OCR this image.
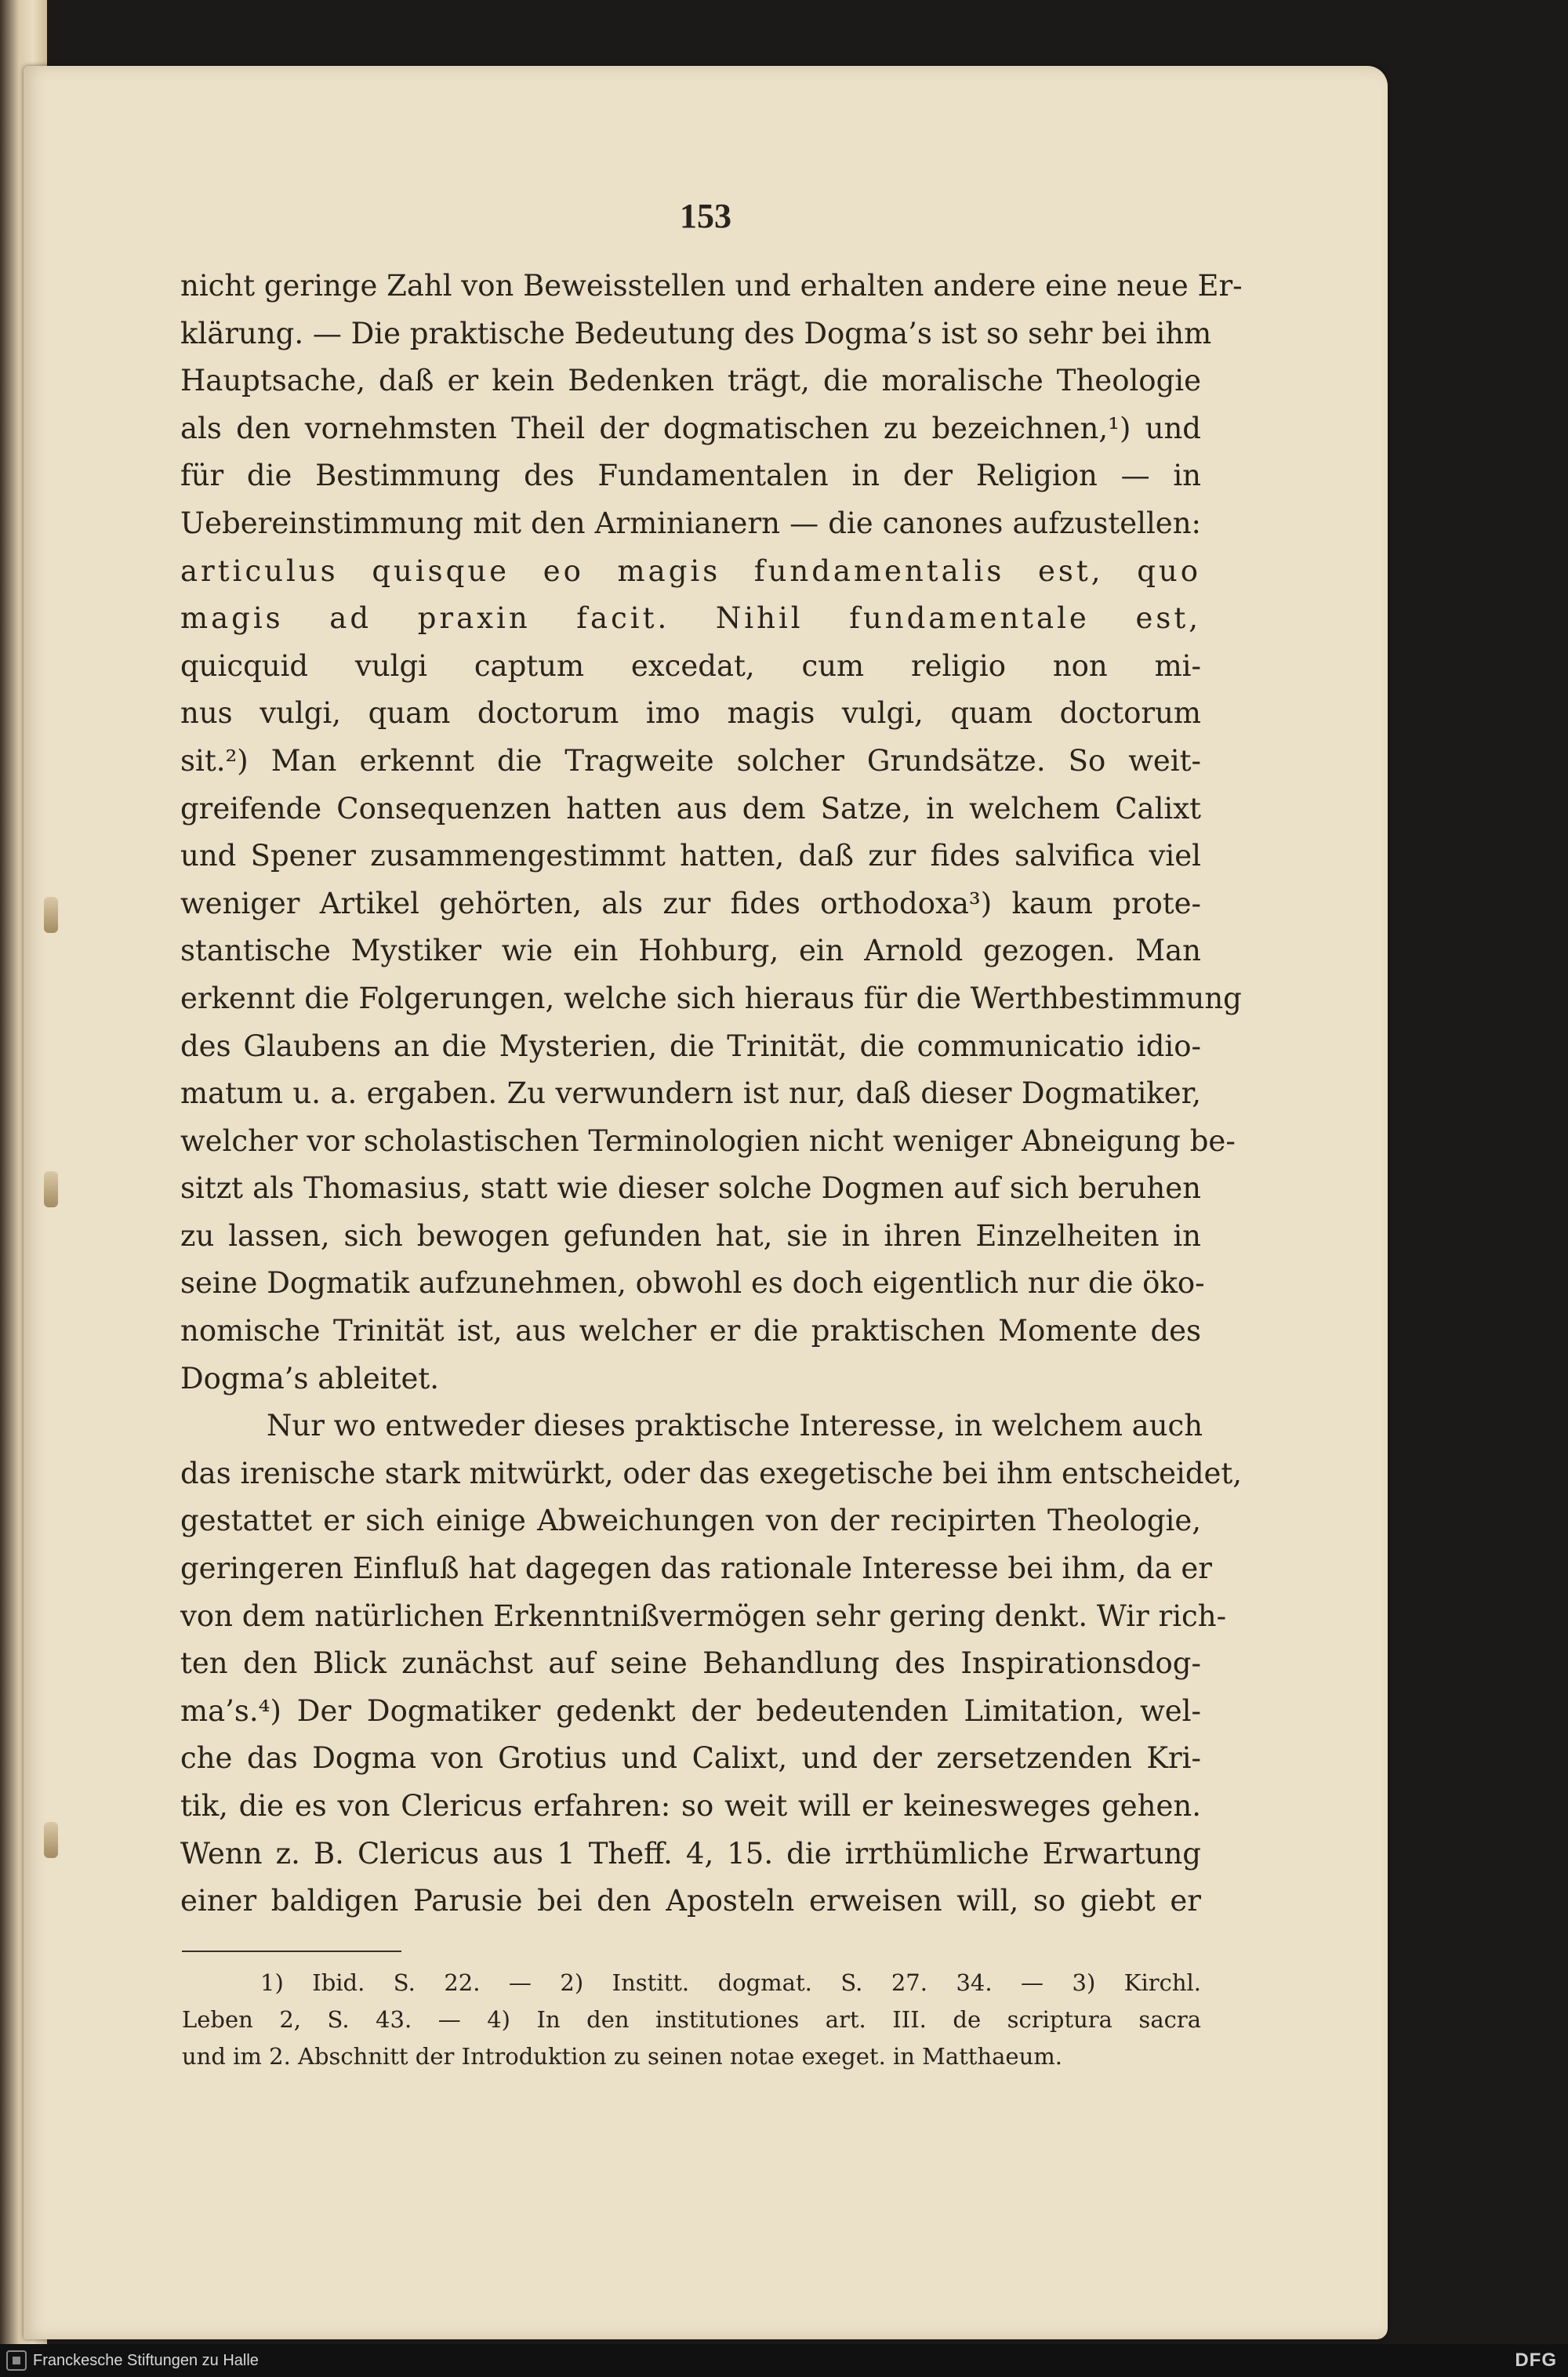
153
nicht geringe Zahl von Beweisstellen und erhalten andere eine neue Er-
klärung. — Die praktische Bedeutung des Dogma’s ist so sehr bei ihm
Hauptsache, daß er kein Bedenken trägt, die moralische Theologie
als den vornehmsten Theil der dogmatischen zu bezeichnen,¹) und
für die Bestimmung des Fundamentalen in der Religion — in
Uebereinstimmung mit den Arminianern — die canones aufzustellen:
articulus quisque eo magis fundamentalis est, quo
magis ad praxin facit. Nihil fundamentale est,
quicquid vulgi captum excedat, cum religio non mi-
nus vulgi, quam doctorum imo magis vulgi, quam doctorum
sit.²) Man erkennt die Tragweite solcher Grundsätze. So weit-
greifende Consequenzen hatten aus dem Satze, in welchem Calixt
und Spener zusammengestimmt hatten, daß zur fides salvifica viel
weniger Artikel gehörten, als zur fides orthodoxa³) kaum prote-
stantische Mystiker wie ein Hohburg, ein Arnold gezogen. Man
erkennt die Folgerungen, welche sich hieraus für die Werthbestimmung
des Glaubens an die Mysterien, die Trinität, die communicatio idio-
matum u. a. ergaben. Zu verwundern ist nur, daß dieser Dogmatiker,
welcher vor scholastischen Terminologien nicht weniger Abneigung be-
sitzt als Thomasius, statt wie dieser solche Dogmen auf sich beruhen
zu lassen, sich bewogen gefunden hat, sie in ihren Einzelheiten in
seine Dogmatik aufzunehmen, obwohl es doch eigentlich nur die öko-
nomische Trinität ist, aus welcher er die praktischen Momente des
Dogma’s ableitet.
Nur wo entweder dieses praktische Interesse, in welchem auch
das irenische stark mitwürkt, oder das exegetische bei ihm entscheidet,
gestattet er sich einige Abweichungen von der recipirten Theologie,
geringeren Einfluß hat dagegen das rationale Interesse bei ihm, da er
von dem natürlichen Erkenntnißvermögen sehr gering denkt. Wir rich-
ten den Blick zunächst auf seine Behandlung des Inspirationsdog-
ma’s.⁴) Der Dogmatiker gedenkt der bedeutenden Limitation, wel-
che das Dogma von Grotius und Calixt, und der zersetzenden Kri-
tik, die es von Clericus erfahren: so weit will er keinesweges gehen.
Wenn z. B. Clericus aus 1 Theff. 4, 15. die irrthümliche Erwartung
einer baldigen Parusie bei den Aposteln erweisen will, so giebt er
1) Ibid. S. 22. — 2) Institt. dogmat. S. 27. 34. — 3) Kirchl.
Leben 2, S. 43. — 4) In den institutiones art. III. de scriptura sacra
und im 2. Abschnitt der Introduktion zu seinen notae exeget. in Matthaeum.
Franckesche Stiftungen zu Halle	DFG
